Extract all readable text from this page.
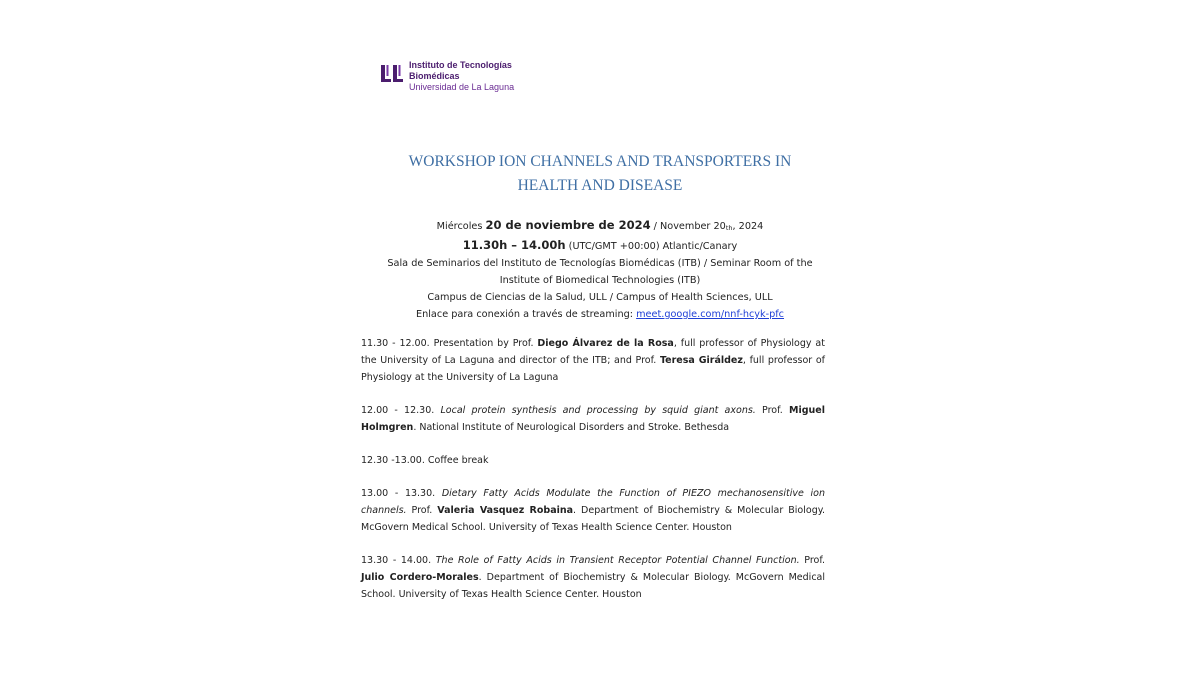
Instituto de Tecnologías
Biomédicas
Universidad de La Laguna
WORKSHOP ION CHANNELS AND TRANSPORTERS IN
HEALTH AND DISEASE
Miércoles 20 de noviembre de 2024 / November 20th, 2024
11.30h – 14.00h (UTC/GMT +00:00) Atlantic/Canary
Sala de Seminarios del Instituto de Tecnologías Biomédicas (ITB) / Seminar Room of the
Institute of Biomedical Technologies (ITB)
Campus de Ciencias de la Salud, ULL / Campus of Health Sciences, ULL
Enlace para conexión a través de streaming: meet.google.com/nnf-hcyk-pfc
11.30 - 12.00. Presentation by Prof. Diego Álvarez de la Rosa, full professor of Physiology at the University of La Laguna and director of the ITB; and Prof. Teresa Giráldez, full professor of Physiology at the University of La Laguna
12.00 - 12.30. Local protein synthesis and processing by squid giant axons. Prof. Miguel Holmgren. National Institute of Neurological Disorders and Stroke. Bethesda
12.30 -13.00. Coffee break
13.00 - 13.30. Dietary Fatty Acids Modulate the Function of PIEZO mechanosensitive ion channels. Prof. Valeria Vasquez Robaina. Department of Biochemistry & Molecular Biology. McGovern Medical School. University of Texas Health Science Center. Houston
13.30 - 14.00. The Role of Fatty Acids in Transient Receptor Potential Channel Function. Prof. Julio Cordero-Morales. Department of Biochemistry & Molecular Biology. McGovern Medical School. University of Texas Health Science Center. Houston
